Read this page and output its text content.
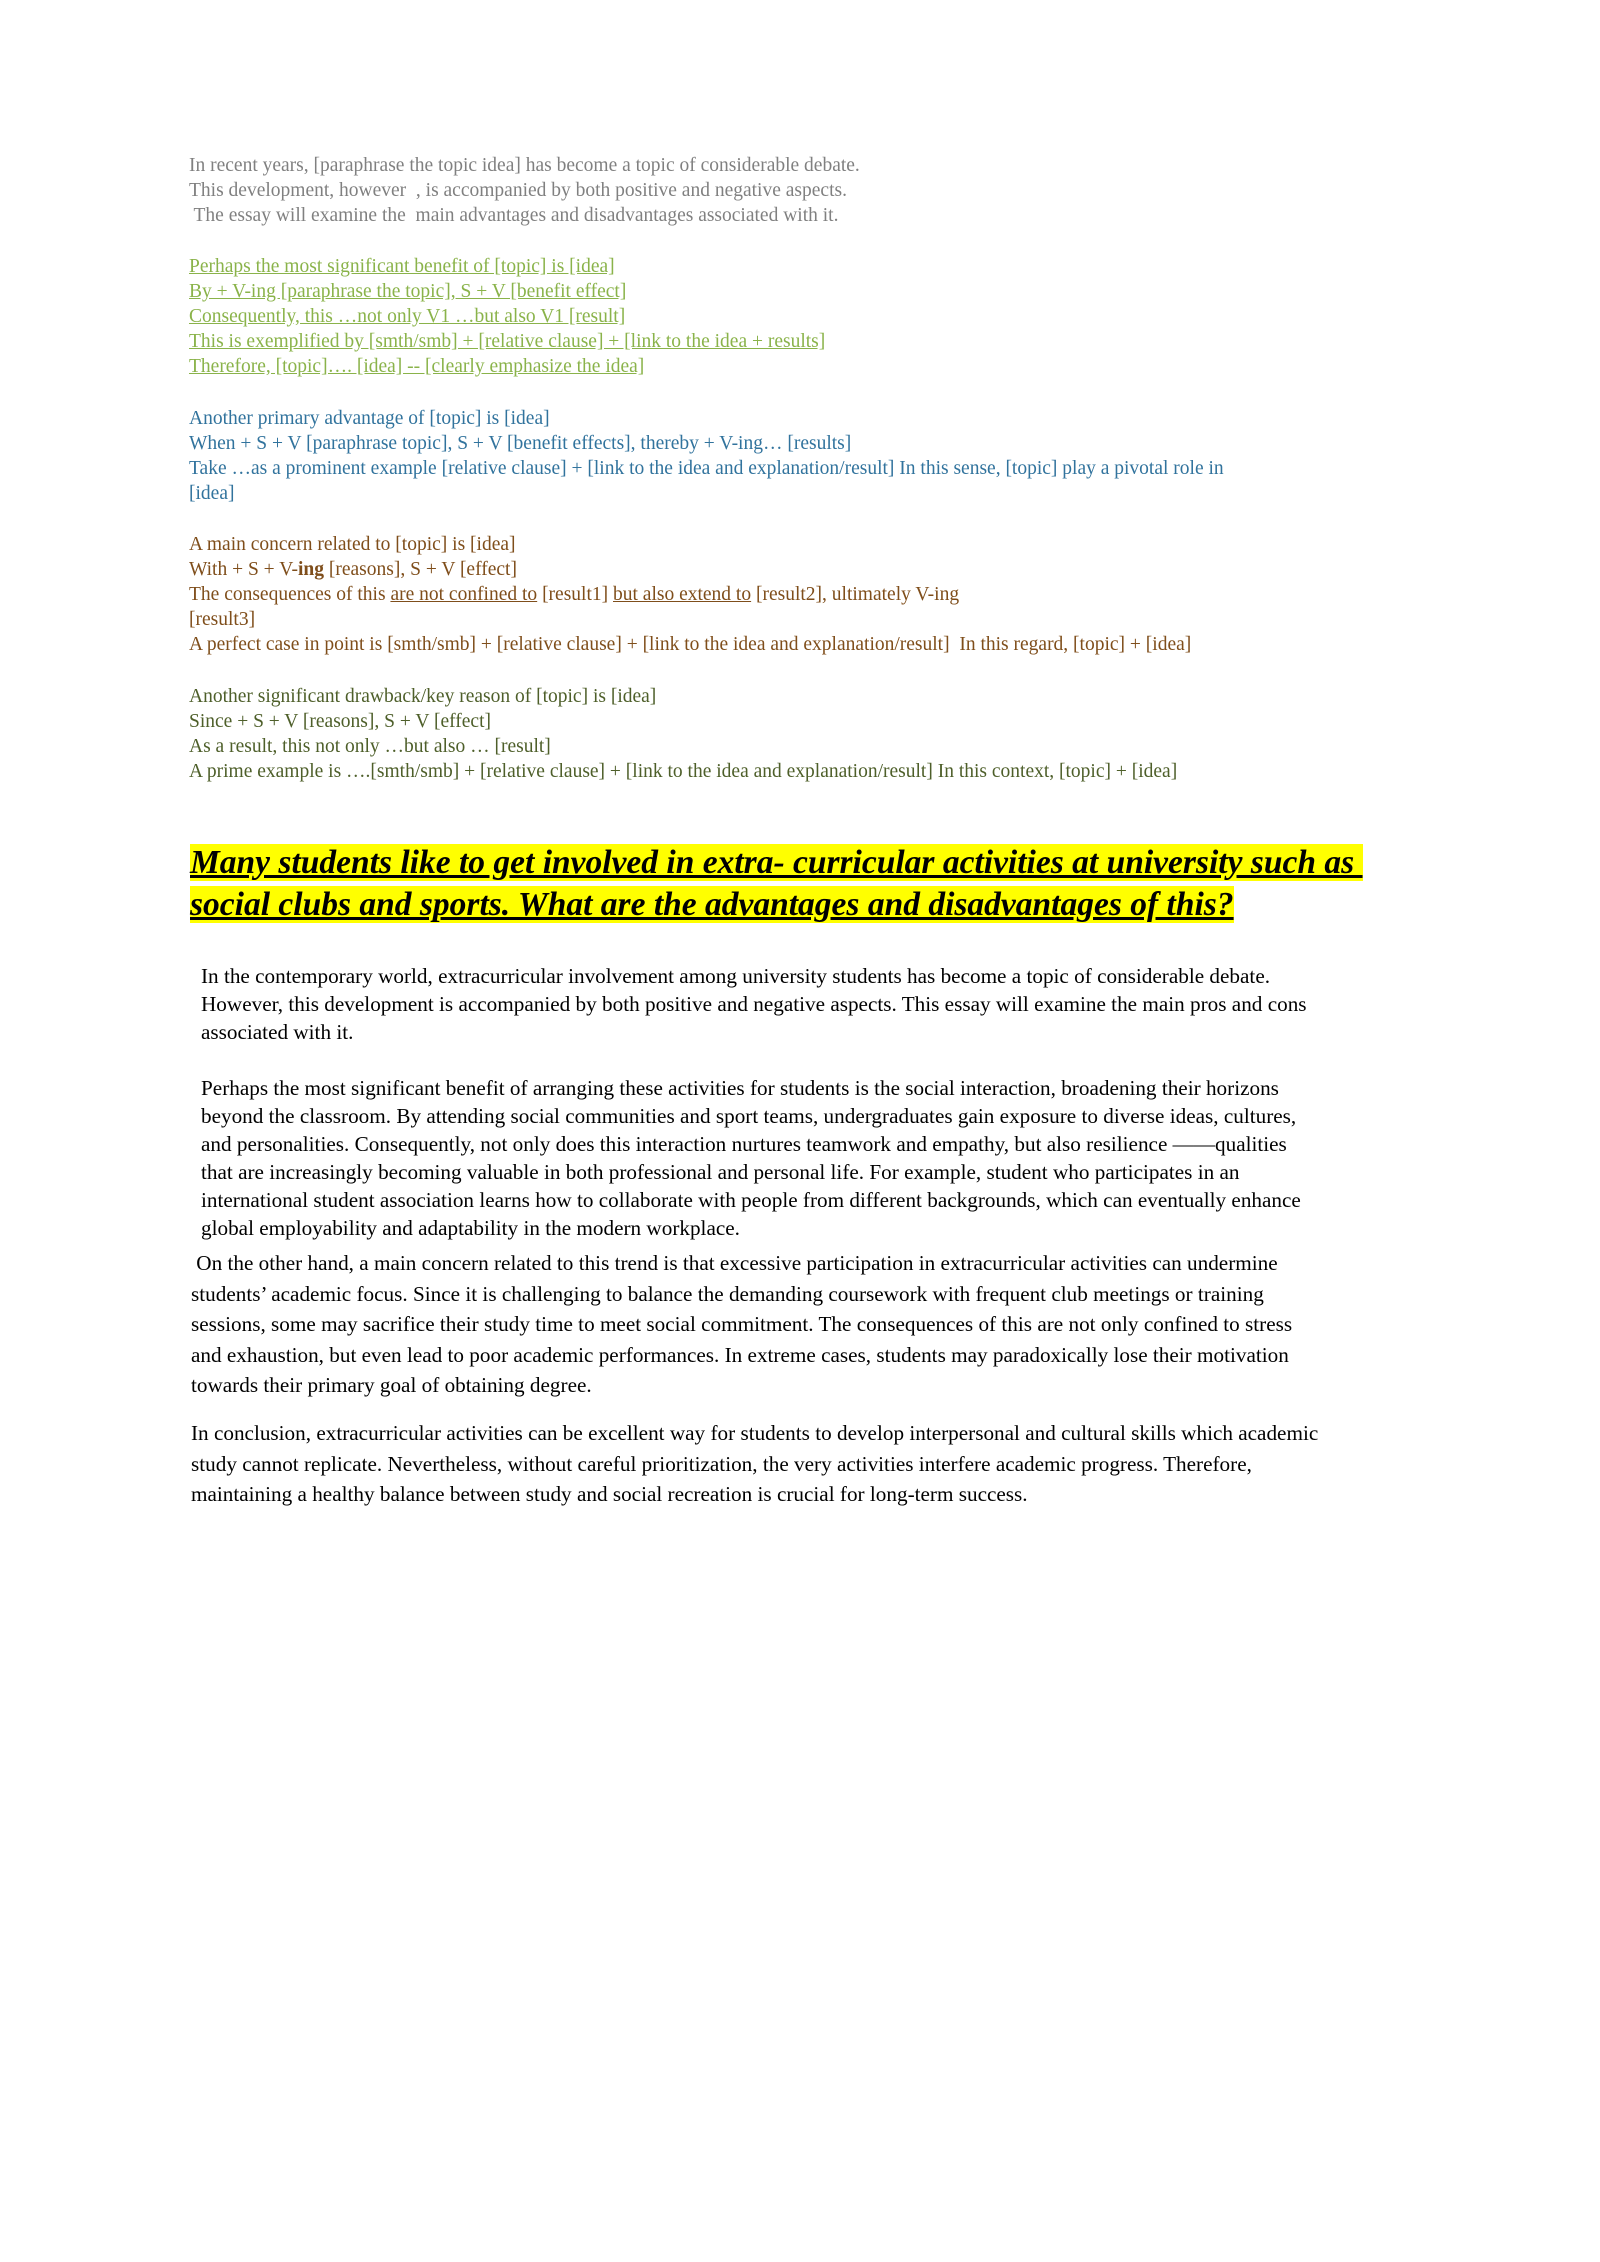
In recent years, [paraphrase the topic idea] has become a topic of considerable debate.

This development, however  , is accompanied by both positive and negative aspects.

The essay will examine the  main advantages and disadvantages associated with it.

Perhaps the most significant benefit of [topic] is [idea]

By + V-ing [paraphrase the topic], S + V [benefit effect]

Consequently, this …not only V1 …but also V1 [result]

This is exemplified by [smth/smb] + [relative clause] + [link to the idea + results]

Therefore, [topic]…. [idea] -- [clearly emphasize the idea]

Another primary advantage of [topic] is [idea]

When + S + V [paraphrase topic], S + V [benefit effects], thereby + V-ing… [results]

Take …as a prominent example [relative clause] + [link to the idea and explanation/result] In this sense, [topic] play a pivotal role in

[idea]

A main concern related to [topic] is [idea]

With + S + V-ing [reasons], S + V [effect]

The consequences of this are not confined to [result1] but also extend to [result2], ultimately V-ing

[result3]

A perfect case in point is [smth/smb] + [relative clause] + [link to the idea and explanation/result]  In this regard, [topic] + [idea]

Another significant drawback/key reason of [topic] is [idea]

Since + S + V [reasons], S + V [effect]

As a result, this not only …but also … [result]

A prime example is ….[smth/smb] + [relative clause] + [link to the idea and explanation/result] In this context, [topic] + [idea]

Many students like to get involved in extra- curricular activities at university such as
social clubs and sports. What are the advantages and disadvantages of this?

In the contemporary world, extracurricular involvement among university students has become a topic of considerable debate.

However, this development is accompanied by both positive and negative aspects. This essay will examine the main pros and cons

associated with it.

Perhaps the most significant benefit of arranging these activities for students is the social interaction, broadening their horizons

beyond the classroom. By attending social communities and sport teams, undergraduates gain exposure to diverse ideas, cultures,

and personalities. Consequently, not only does this interaction nurtures teamwork and empathy, but also resilience ——qualities

that are increasingly becoming valuable in both professional and personal life. For example, student who participates in an

international student association learns how to collaborate with people from different backgrounds, which can eventually enhance

global employability and adaptability in the modern workplace.

On the other hand, a main concern related to this trend is that excessive participation in extracurricular activities can undermine

students’ academic focus. Since it is challenging to balance the demanding coursework with frequent club meetings or training

sessions, some may sacrifice their study time to meet social commitment. The consequences of this are not only confined to stress

and exhaustion, but even lead to poor academic performances. In extreme cases, students may paradoxically lose their motivation

towards their primary goal of obtaining degree.

In conclusion, extracurricular activities can be excellent way for students to develop interpersonal and cultural skills which academic

study cannot replicate. Nevertheless, without careful prioritization, the very activities interfere academic progress. Therefore,

maintaining a healthy balance between study and social recreation is crucial for long-term success.
